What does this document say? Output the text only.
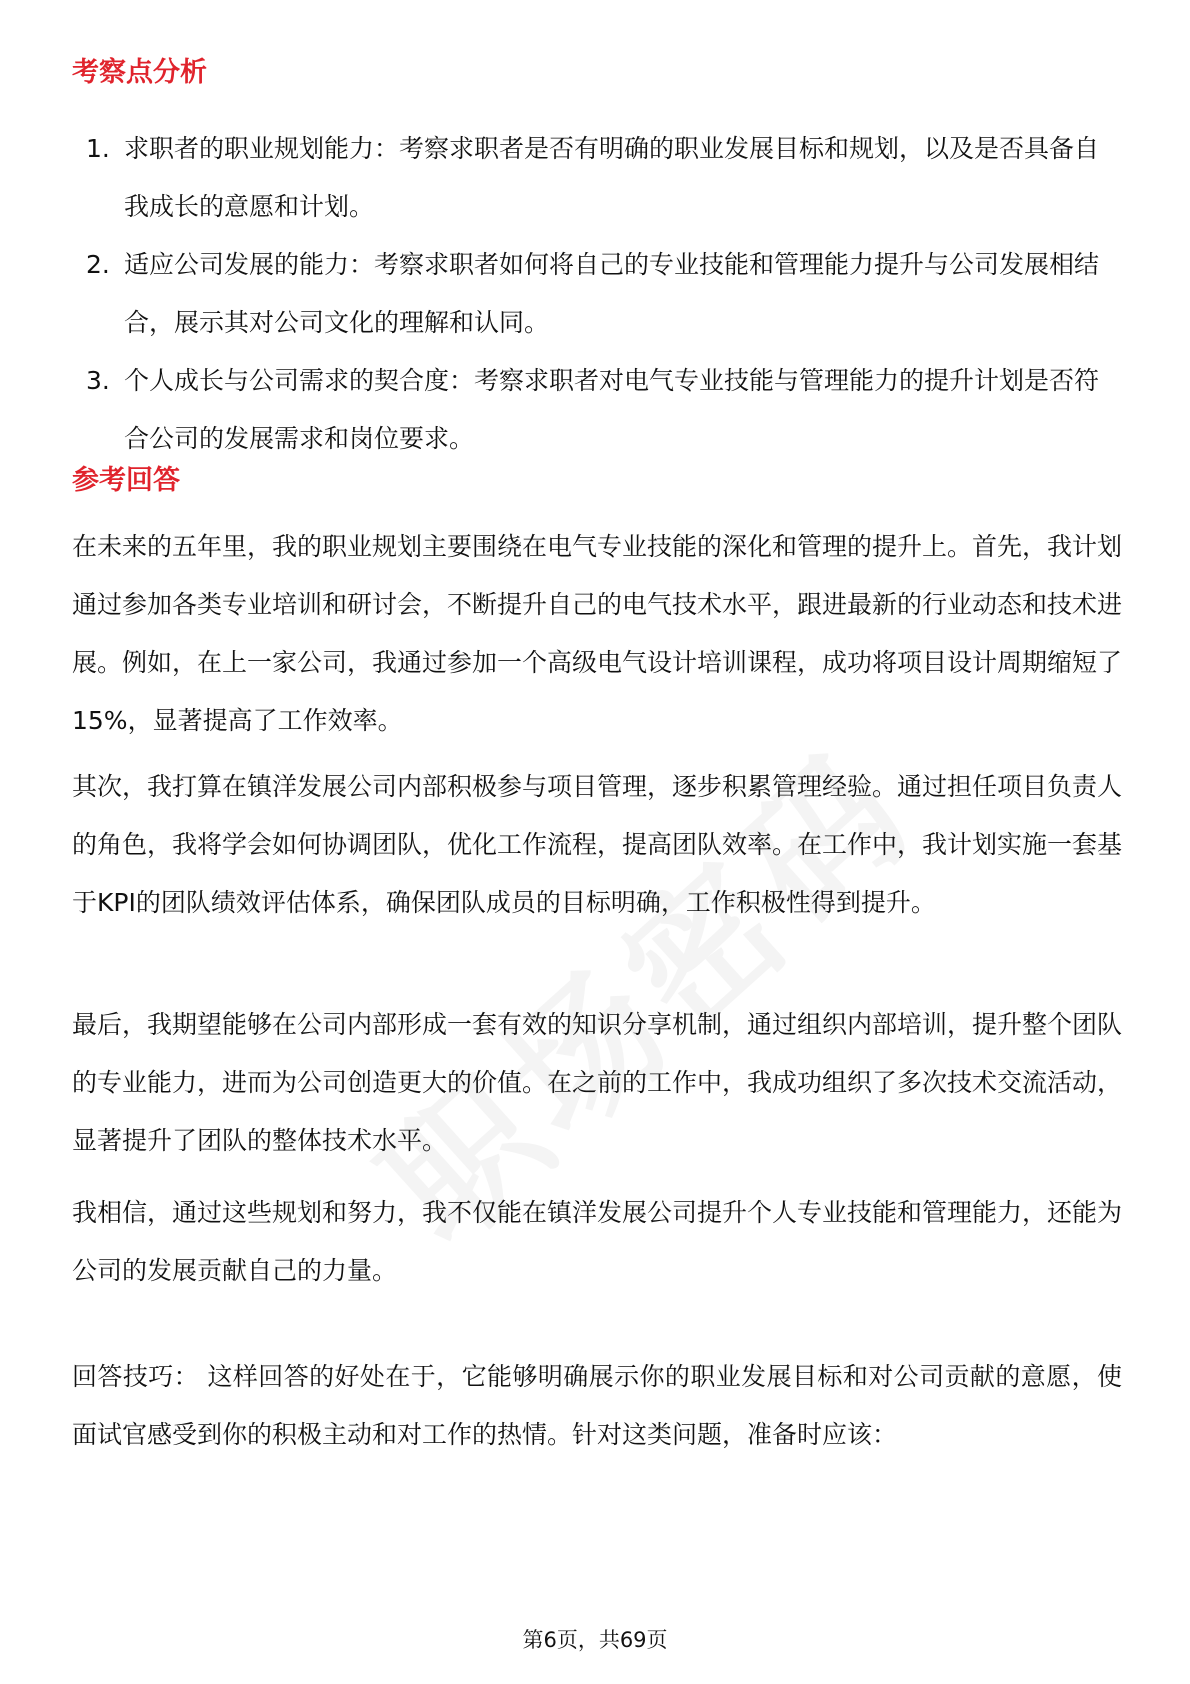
考察点分析
1. 求职者的职业规划能力：考察求职者是否有明确的职业发展目标和规划，以及是否具备自我成长的意愿和计划。
2. 适应公司发展的能力：考察求职者如何将自己的专业技能和管理能力提升与公司发展相结合，展示其对公司文化的理解和认同。
3. 个人成长与公司需求的契合度：考察求职者对电气专业技能与管理能力的提升计划是否符合公司的发展需求和岗位要求。
参考回答

在未来的五年里，我的职业规划主要围绕在电气专业技能的深化和管理的提升上。首先，我计划通过参加各类专业培训和研讨会，不断提升自己的电气技术水平，跟进最新的行业动态和技术进展。例如，在上一家公司，我通过参加一个高级电气设计培训课程，成功将项目设计周期缩短了15%，显著提高了工作效率。

其次，我打算在镇洋发展公司内部积极参与项目管理，逐步积累管理经验。通过担任项目负责人的角色，我将学会如何协调团队，优化工作流程，提高团队效率。在工作中，我计划实施一套基于KPI的团队绩效评估体系，确保团队成员的目标明确，工作积极性得到提升。

最后，我期望能够在公司内部形成一套有效的知识分享机制，通过组织内部培训，提升整个团队的专业能力，进而为公司创造更大的价值。在之前的工作中，我成功组织了多次技术交流活动，显著提升了团队的整体技术水平。

我相信，通过这些规划和努力，我不仅能在镇洋发展公司提升个人专业技能和管理能力，还能为公司的发展贡献自己的力量。

回答技巧： 这样回答的好处在于，它能够明确展示你的职业发展目标和对公司贡献的意愿，使面试官感受到你的积极主动和对工作的热情。针对这类问题，准备时应该：

第6页，共69页
